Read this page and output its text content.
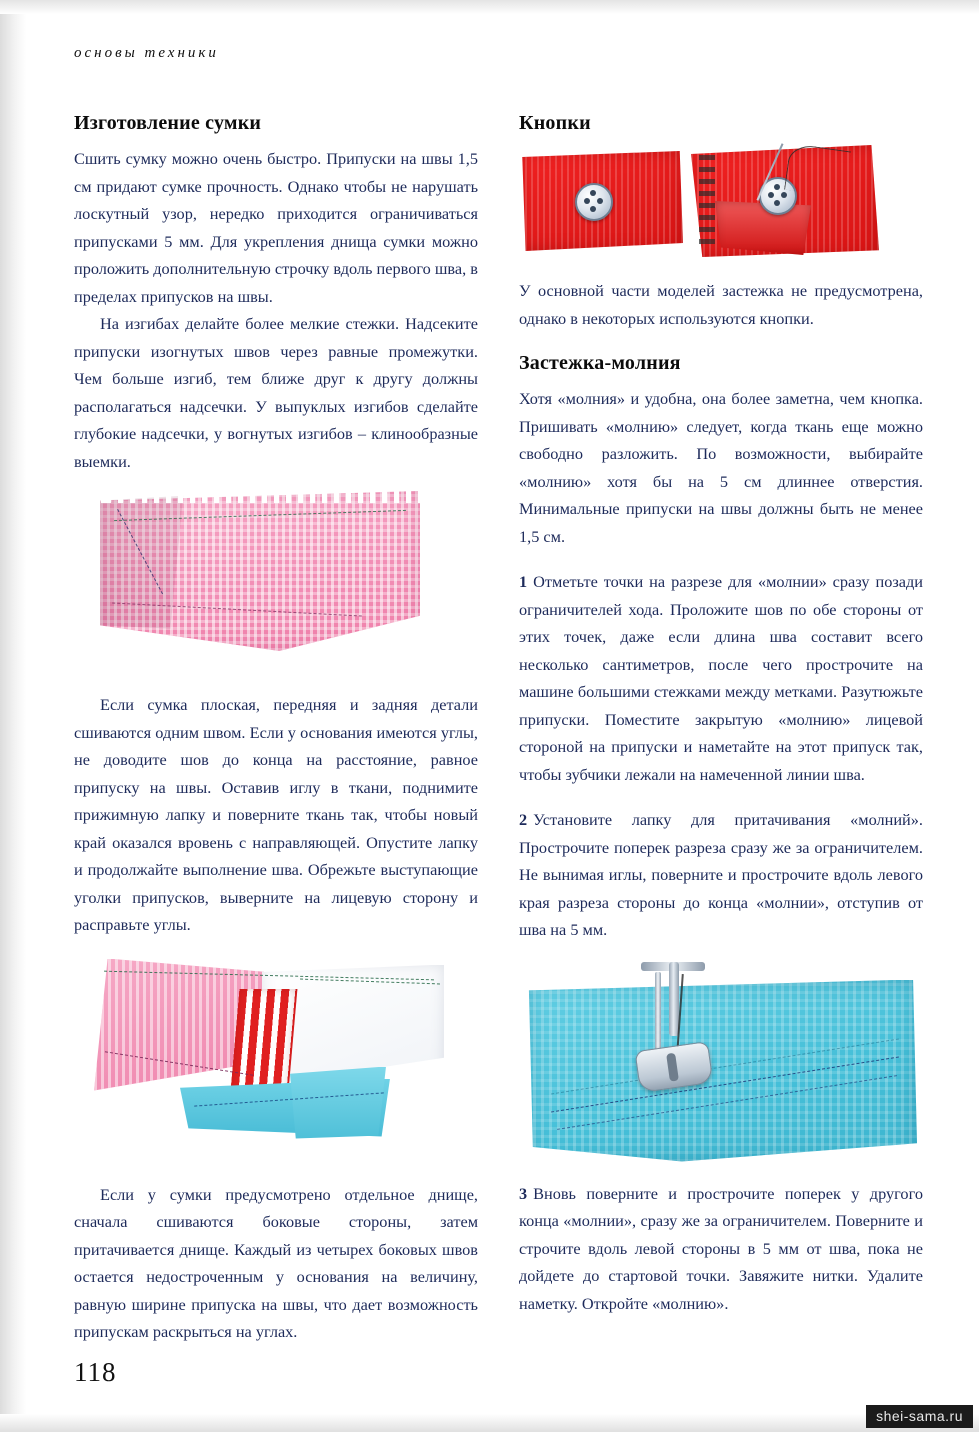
основы техники
Изготовление сумки

Сшить сумку можно очень быстро. Припуски на швы 1,5 см придают сумке прочность. Однако чтобы не нарушать лоскутный узор, нередко приходится ограничиваться припусками 5 мм. Для укрепления днища сумки можно проложить дополнительную строчку вдоль первого шва, в пределах припусков на швы.

На изгибах делайте более мелкие стежки. Надсеките припуски изогнутых швов через равные промежутки. Чем больше изгиб, тем ближе друг к другу должны располагаться надсечки. У выпуклых изгибов сделайте глубокие надсечки, у вогнутых изгибов – клинообразные выемки.

Если сумка плоская, передняя и задняя детали сшиваются одним швом. Если у основания имеются углы, не доводите шов до конца на расстояние, равное припуску на швы. Оставив иглу в ткани, поднимите прижимную лапку и поверните ткань так, чтобы новый край оказался вровень с направляющей. Опустите лапку и продолжайте выполнение шва. Обрежьте выступающие уголки припусков, выверните на лицевую сторону и расправьте углы.

Если у сумки предусмотрено отдельное днище, сначала сшиваются боковые стороны, затем притачивается днище. Каждый из четырех боковых швов остается недостроченным у основания на величину, равную ширине припуска на швы, что дает возможность припускам раскрыться на углах.

Кнопки

У основной части моделей застежка не предусмотрена, однако в некоторых используются кнопки.

Застежка-молния

Хотя «молния» и удобна, она более заметна, чем кнопка. Пришивать «молнию» следует, когда ткань еще можно свободно разложить. По возможности, выбирайте «молнию» хотя бы на 5 см длиннее отверстия. Минимальные припуски на швы должны быть не менее 1,5 см.

1 Отметьте точки на разрезе для «молнии» сразу позади ограничителей хода. Проложите шов по обе стороны от этих точек, даже если длина шва составит всего несколько сантиметров, после чего прострочите на машине большими стежками между метками. Разутюжьте припуски. Поместите закрытую «молнию» лицевой стороной на припуски и наметайте на этот припуск так, чтобы зубчики лежали на намеченной линии шва.

2 Установите лапку для притачивания «молний». Прострочите поперек разреза сразу же за ограничителем. Не вынимая иглы, поверните и прострочите вдоль левого края разреза стороны до конца «молнии», отступив от шва на 5 мм.

3 Вновь поверните и прострочите поперек у другого конца «молнии», сразу же за ограничителем. Поверните и строчите вдоль левой стороны в 5 мм от шва, пока не дойдете до стартовой точки. Завяжите нитки. Удалите наметку. Откройте «молнию».

118
shei-sama.ru
